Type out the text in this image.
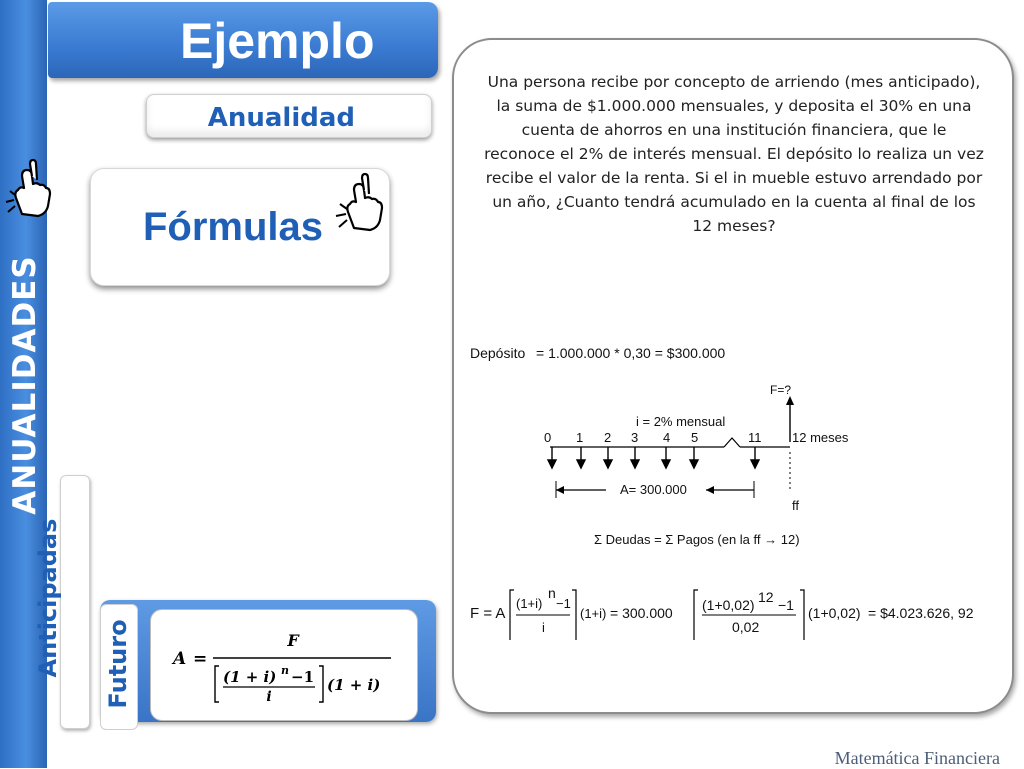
ANUALIDADES
Ejemplo
Anualidad
Fórmulas
Anticipadas Futuro A =
F
(1 + i) n −1
i
(1 + i)
Una persona recibe por concepto de arriendo (mes anticipado), la suma de $1.000.000 mensuales, y deposita el 30% en una cuenta de ahorros en una institución financiera, que le reconoce el 2% de interés mensual. El depósito lo realiza un vez recibe el valor de la renta. Si el in mueble estuvo arrendado por un año, ¿Cuanto tendrá acumulado en la cuenta al final de los 12 meses?
Depósito = 1.000.000 * 0,30 = $300.000
F=?
i = 2% mensual
0 1 2 3 4 5	11 12 meses
A= 300.000
ff
Σ Deudas = Σ Pagos (en la ff → 12)
F = A
(1+i)
n
−1
i
(1+i) = 300.000 (1+0,02) 12 −1
0,02
(1+0,02) = $4.023.626, 92
Matemática Financiera
